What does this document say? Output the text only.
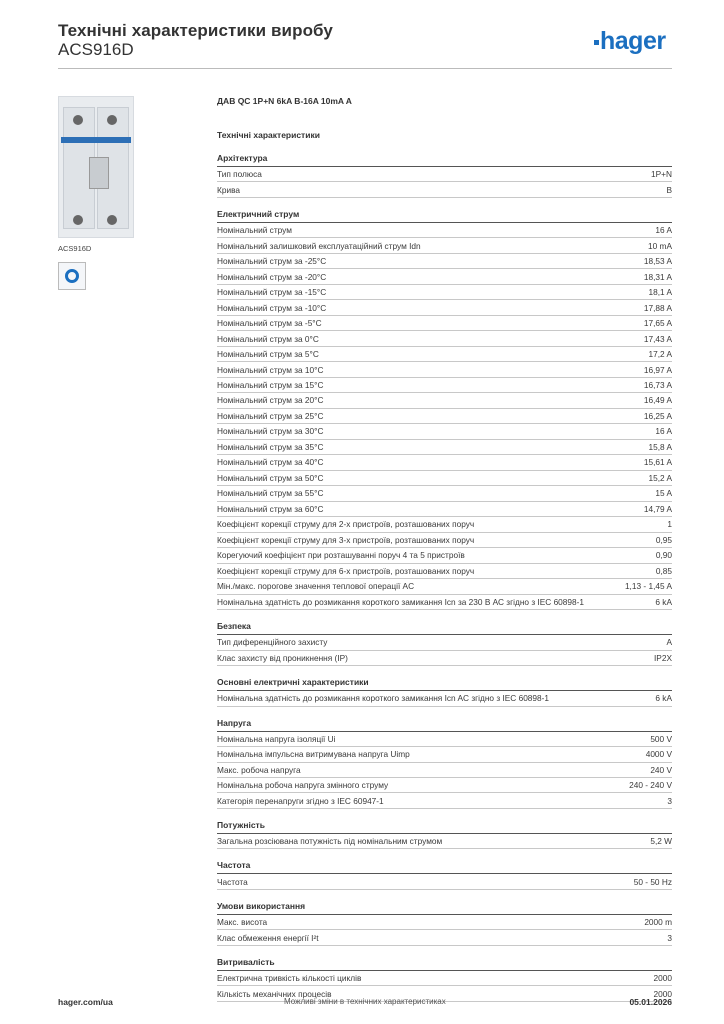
Технічні характеристики виробу
ACS916D	hager
ACS916D
ДАВ QC 1P+N 6kA B-16A 10mA A
Технічні характеристики
Архітектура
Тип полюса	1P+N
Крива	B
Електричний струм
Номінальний струм	16 A
Номінальний залишковий експлуатаційний струм Idn	10 mA
Номінальний струм за -25°C	18,53 A
Номінальний струм за -20°C	18,31 A
Номінальний струм за -15°C	18,1 A
Номінальний струм за -10°C	17,88 A
Номінальний струм за -5°C	17,65 A
Номінальний струм за 0°C	17,43 A
Номінальний струм за 5°C	17,2 A
Номінальний струм за 10°C	16,97 A
Номінальний струм за 15°C	16,73 A
Номінальний струм за 20°C	16,49 A
Номінальний струм за 25°C	16,25 A
Номінальний струм за 30°C	16 A
Номінальний струм за 35°C	15,8 A
Номінальний струм за 40°C	15,61 A
Номінальний струм за 50°C	15,2 A
Номінальний струм за 55°C	15 A
Номінальний струм за 60°C	14,79 A
Коефіцієнт корекції струму для 2-х пристроїв, розташованих поруч	1
Коефіцієнт корекції струму для 3-х пристроїв, розташованих поруч	0,95
Корегуючий коефіцієнт при розташуванні поруч 4 та 5 пристроїв	0,90
Коефіцієнт корекції струму для 6-х пристроїв, розташованих поруч	0,85
Мін./макс. порогове значення теплової операції AC	1,13 - 1,45 A
Номінальна здатність до розмикання короткого замикання Icn за 230 В АС згідно з IEC 60898-1	6 kA
Безпека
Тип диференційного захисту	A
Клас захисту від проникнення (IP)	IP2X
Основні електричні характеристики
Номінальна здатність до розмикання короткого замикання Icn AC згідно з IEC 60898-1	6 kA
Напруга
Номінальна напруга ізоляції Ui	500 V
Номінальна імпульсна витримувана напруга Uimp	4000 V
Макс. робоча напруга	240 V
Номінальна робоча напруга змінного струму	240 - 240 V
Категорія перенапруги згідно з IEC 60947-1	3
Потужність
Загальна розсіювана потужність під номінальним струмом	5,2 W
Частота
Частота	50 - 50 Hz
Умови використання
Макс. висота	2000 m
Клас обмеження енергії I²t	3
Витривалість
Електрична тривкість кількості циклів	2000
Кількість механічних процесів	2000
hager.com/ua	Можливі зміни в технічних характеристиках	05.01.2026
